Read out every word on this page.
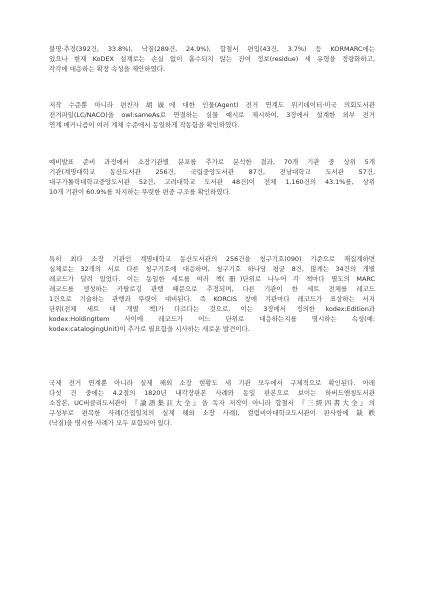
불명·추정(392건, 33.8%), 낙질(289건, 24.9%), 합철서 편입(43건, 3.7%) 등 KORMARC에는
있으나 현재 KoDEX 설계로는 손실 없이 흡수되지 않는 잔여 정보(residue) 세 유형을 정량화하고,
각각에 대응하는 확장 속성을 제안하였다.
저작 수준뿐 아니라 편찬자 胡廣에 대한 인물(Agent) 전거 연계도 위키데이터·미국 의회도서관
전거파일(LC/NACO)을 owl:sameAs로 연결하는 실물 예시로 제시하여, 3장에서 설계한 외부 전거
연계 메커니즘이 여러 계체 수준에서 동일하게 작동함을 확인하였다.
예비발표 준비 과정에서 소장기관별 분포를 추가로 분석한 결과, 70개 기관 중 상위 5개
기관(계명대학교 동산도서관 256건, 국립중앙도서관 87건, 전남대학교 도서관 57건,
대구가톨릭대학교중앙도서관 52건, 고려대학교 도서관 48건)이 전체 1,160건의 43.1%를, 상위
10개 기관이 60.9%를 차지하는 뚜렷한 편중 구조를 확인하였다.
특히 최다 소장 기관인 계명대학교 동산도서관의 256건을 청구기호(090) 기준으로 재집계하면
실체로는 32개의 서로 다른 청구기호에 대응하며, 청구기호 하나당 평균 8건, 많게는 34건의 개별
레코드가 달려 있었다. 이는 동일한 세트를 여러 책(冊)단위로 나누어 각 책마다 별도의 MARC
레코드를 생성하는 카탈로깅 관행 때문으로 추정되며, 다른 기관이 한 세트 전체를 레코드
1건으로 기술하는 관행과 뚜렷이 대비된다. 즉 KORCIS 창에 기관마다 레코드가 표상하는 서지
단위(전체 세트 대 개별 책)가 다르다는 것으로, 이는 3장에서 정의한 kodex:Edition과
kodex:HoldingItem 사이에 레코드가 어느 단위로 대응하는지를 명시하는 속성(예:
kodex:catalogingUnit)이 추가로 필요함을 시사하는 새로운 발견이다.
국제 전거 연계뿐 아니라 실제 해외 소장 현황도 세 기관 모두에서 구체적으로 확인된다. 아래
다섯 건 중에는 4.2절의 1820년 내각장판본 사례와 동일 판본으로 보이는 하버드옌칭도서관
소장본, UC버클리도서관이 『論語集註大全』을 독자 저작이 아니라 합철서 『三經四書大全』의
구성부로 편목한 사례(간접일치의 실제 해외 소장 사례), 컬럼비아대학교도서관이 판사항에 缺帙
(낙질)을 명시한 사례가 모두 포함되어 있다.
